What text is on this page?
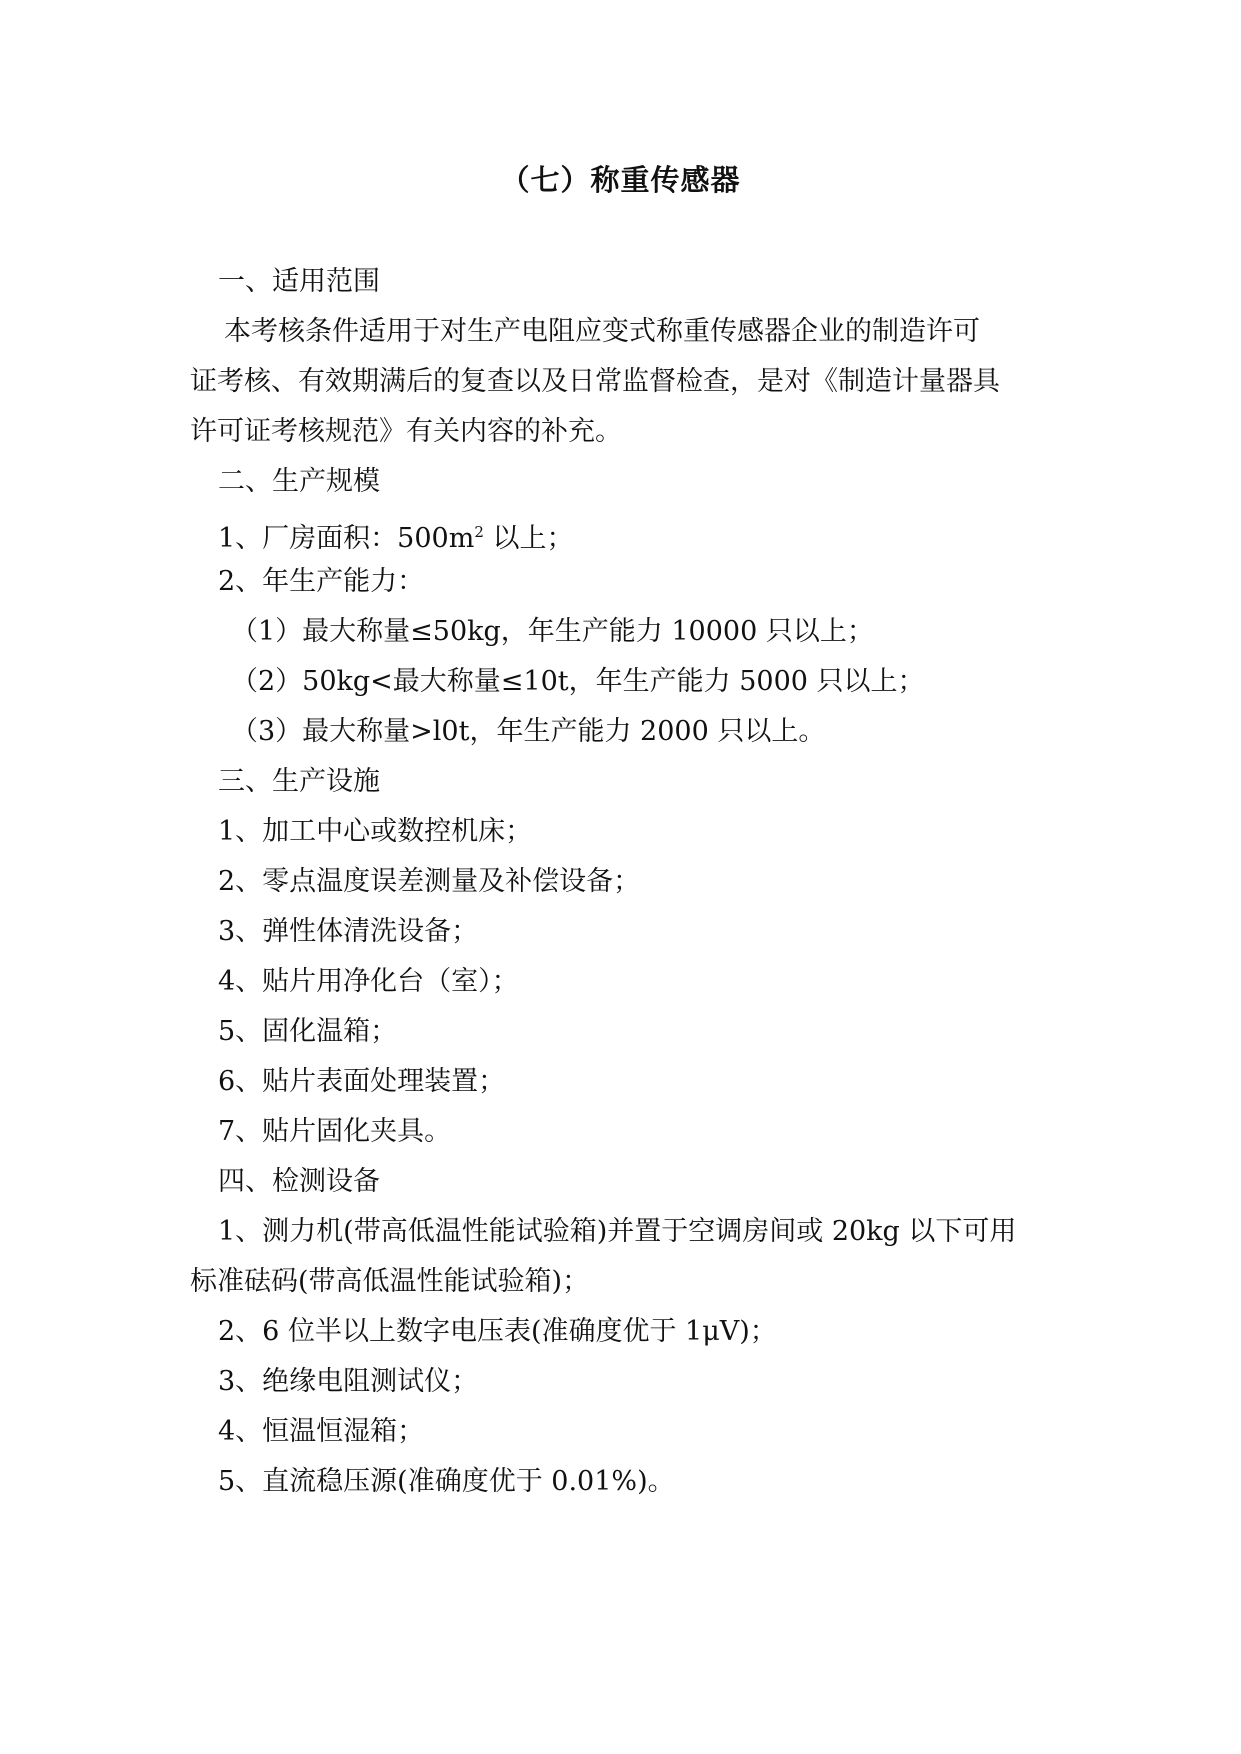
（七）称重传感器
一、适用范围
本考核条件适用于对生产电阻应变式称重传感器企业的制造许可
证考核、有效期满后的复查以及日常监督检查，是对《制造计量器具
许可证考核规范》有关内容的补充。
二、生产规模
1、厂房面积：$500m^2$ 以上；
2、年生产能力：
（1）最大称量≤50kg，年生产能力 10000 只以上；
（2）50kg<最大称量≤10t，年生产能力 5000 只以上；
（3）最大称量>l0t，年生产能力 2000 只以上。
三、生产设施
1、加工中心或数控机床；
2、零点温度误差测量及补偿设备；
3、弹性体清洗设备；
4、贴片用净化台（室）；
5、固化温箱；
6、贴片表面处理装置；
7、贴片固化夹具。
四、检测设备
1、测力机(带高低温性能试验箱)并置于空调房间或 20kg 以下可用
标准砝码(带高低温性能试验箱)；
2、6 位半以上数字电压表(准确度优于 1μV)；
3、绝缘电阻测试仪；
4、恒温恒湿箱；
5、直流稳压源(准确度优于 0.01%)。
